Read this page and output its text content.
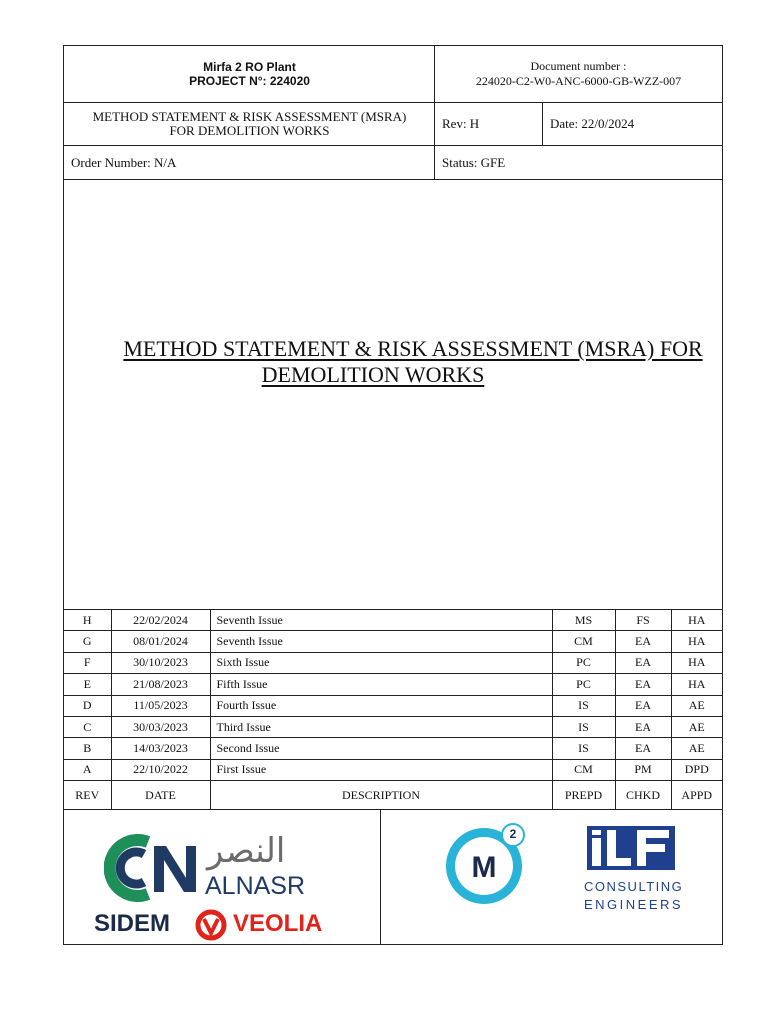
Mirfa 2 RO Plant
PROJECT N°: 224020
Document number :
224020-C2-W0-ANC-6000-GB-WZZ-007
METHOD STATEMENT & RISK ASSESSMENT (MSRA)
FOR DEMOLITION WORKS	Rev: H	Date: 22/0/2024
Order Number: N/A	Status: GFE
METHOD STATEMENT & RISK ASSESSMENT (MSRA) FOR
DEMOLITION WORKS
H	22/02/2024	Seventh Issue	MS	FS	HA
G	08/01/2024	Seventh Issue	CM	EA	HA
F	30/10/2023	Sixth Issue	PC	EA	HA
E	21/08/2023	Fifth Issue	PC	EA	HA
D	11/05/2023	Fourth Issue	IS	EA	AE
C	30/03/2023	Third Issue	IS	EA	AE
B	14/03/2023	Second Issue	IS	EA	AE
A	22/10/2022	First Issue	CM	PM	DPD
REV	DATE	DESCRIPTION	PREPD	CHKD	APPD
النصر
ALNASR
SIDEM	VEOLIA
M
2
CONSULTING
ENGINEERS
